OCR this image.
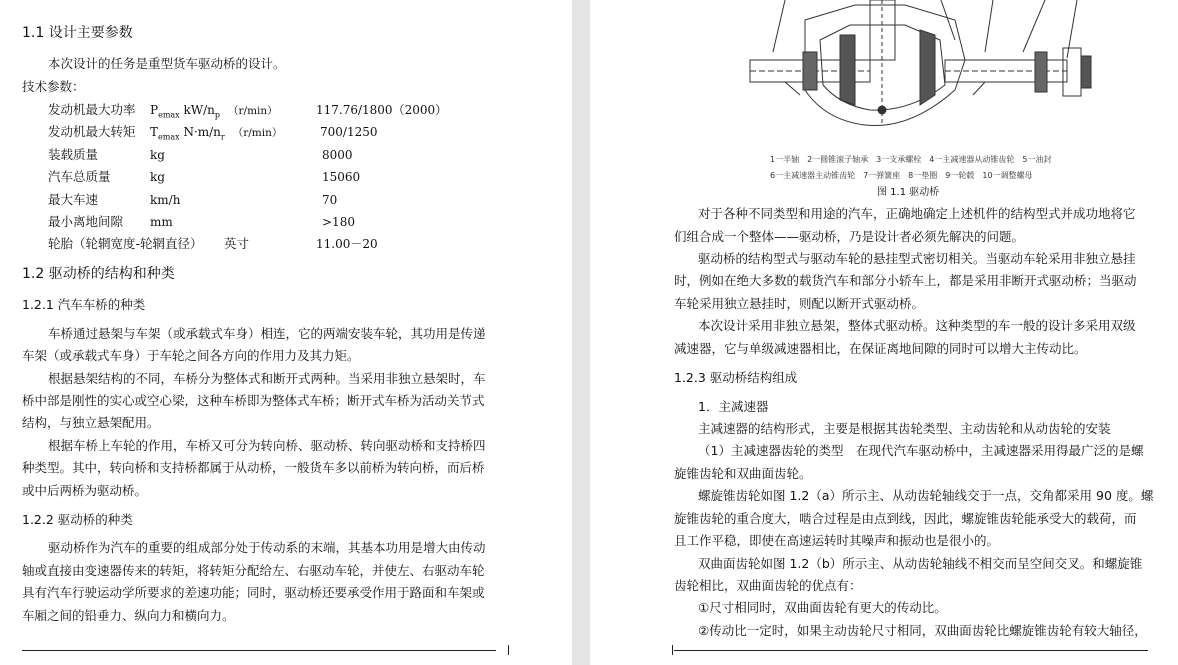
1.1 设计主要参数
本次设计的任务是重型货车驱动桥的设计。
技术参数：
发动机最大功率 $P_{emax}$ $kW/n_p$ （r/min）	117.76/1800（2000）
发动机最大转矩 $T_{emax}$ $N\cdot m/n_r$ （r/min）	700/1250
装载质量	kg	8000
汽车总质量	kg	15060
最大车速	km/h	70
最小离地间隙 mm	>180
轮胎（轮辋宽度-轮辋直径） 英寸	11.00－20
1.2 驱动桥的结构和种类
1.2.1 汽车车桥的种类
车桥通过悬架与车架（或承载式车身）相连，它的两端安装车轮，其功用是传递
车架（或承载式车身）于车轮之间各方向的作用力及其力矩。
根据悬架结构的不同，车桥分为整体式和断开式两种。当采用非独立悬架时，车
桥中部是刚性的实心或空心梁，这种车桥即为整体式车桥；断开式车桥为活动关节式
结构，与独立悬架配用。
根据车桥上车轮的作用，车桥又可分为转向桥、驱动桥、转向驱动桥和支持桥四
种类型。其中，转向桥和支持桥都属于从动桥，一般货车多以前桥为转向桥，而后桥
或中后两桥为驱动桥。
1.2.2 驱动桥的种类
驱动桥作为汽车的重要的组成部分处于传动系的末端，其基本功用是增大由传动
轴或直接由变速器传来的转矩，将转矩分配给左、右驱动车轮，并使左、右驱动车轮
具有汽车行驶运动学所要求的差速功能；同时，驱动桥还要承受作用于路面和车架或
车厢之间的铅垂力、纵向力和横向力。
1一半轴　2一圆锥滚子轴承　3一支承螺栓　4一主减速器从动锥齿轮　5一油封
6一主减速器主动锥齿轮　7一弹簧座　8一垫圈　9一轮毂　10一调整螺母
图 1.1 驱动桥
对于各种不同类型和用途的汽车，正确地确定上述机件的结构型式并成功地将它
们组合成一个整体——驱动桥，乃是设计者必须先解决的问题。
驱动桥的结构型式与驱动车轮的悬挂型式密切相关。当驱动车轮采用非独立悬挂
时，例如在绝大多数的载货汽车和部分小轿车上，都是采用非断开式驱动桥；当驱动
车轮采用独立悬挂时，则配以断开式驱动桥。
本次设计采用非独立悬架，整体式驱动桥。这种类型的车一般的设计多采用双级
减速器，它与单级减速器相比，在保证离地间隙的同时可以增大主传动比。
1.2.3 驱动桥结构组成
1．主减速器
主减速器的结构形式，主要是根据其齿轮类型、主动齿轮和从动齿轮的安装
（1）主减速器齿轮的类型　在现代汽车驱动桥中，主减速器采用得最广泛的是螺
旋锥齿轮和双曲面齿轮。
螺旋锥齿轮如图 1.2（a）所示主、从动齿轮轴线交于一点，交角都采用 90 度。螺
旋锥齿轮的重合度大，啮合过程是由点到线，因此，螺旋锥齿轮能承受大的载荷，而
且工作平稳，即使在高速运转时其噪声和振动也是很小的。
双曲面齿轮如图 1.2（b）所示主、从动齿轮轴线不相交而呈空间交叉。和螺旋锥
齿轮相比，双曲面齿轮的优点有：
①尺寸相同时，双曲面齿轮有更大的传动比。
②传动比一定时，如果主动齿轮尺寸相同，双曲面齿轮比螺旋锥齿轮有较大轴径，
